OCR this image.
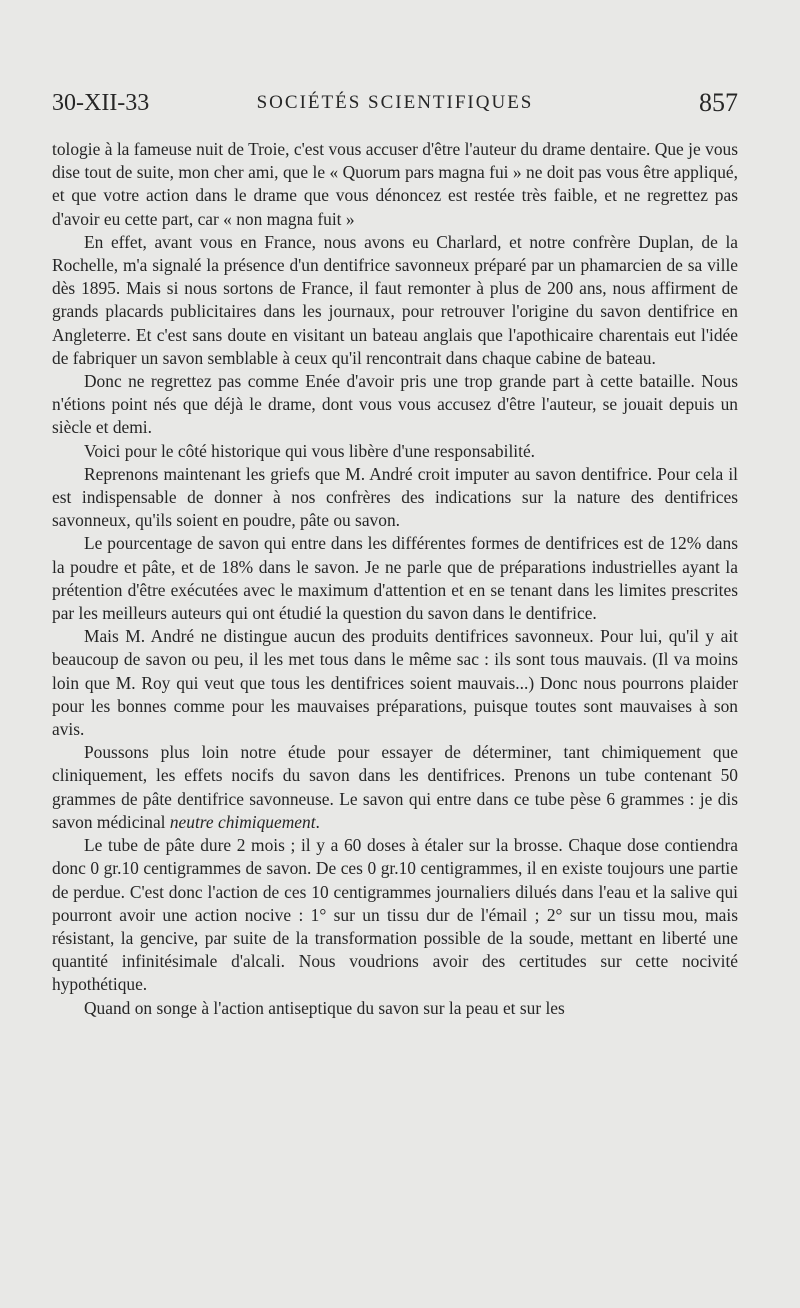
30-XII-33	SOCIÉTÉS SCIENTIFIQUES	857

tologie à la fameuse nuit de Troie, c'est vous accuser d'être l'auteur du drame dentaire. Que je vous dise tout de suite, mon cher ami, que le « Quorum pars magna fui » ne doit pas vous être appliqué, et que votre action dans le drame que vous dénoncez est restée très faible, et ne regrettez pas d'avoir eu cette part, car « non magna fuit »

En effet, avant vous en France, nous avons eu Charlard, et notre confrère Duplan, de la Rochelle, m'a signalé la présence d'un dentifrice savonneux préparé par un phamarcien de sa ville dès 1895. Mais si nous sortons de France, il faut remonter à plus de 200 ans, nous affirment de grands placards publicitaires dans les journaux, pour retrouver l'origine du savon dentifrice en Angleterre. Et c'est sans doute en visitant un bateau anglais que l'apothicaire charentais eut l'idée de fabriquer un savon semblable à ceux qu'il rencontrait dans chaque cabine de bateau.

Donc ne regrettez pas comme Enée d'avoir pris une trop grande part à cette bataille. Nous n'étions point nés que déjà le drame, dont vous vous accusez d'être l'auteur, se jouait depuis un siècle et demi.

Voici pour le côté historique qui vous libère d'une responsabilité.

Reprenons maintenant les griefs que M. André croit imputer au savon dentifrice. Pour cela il est indispensable de donner à nos confrères des indications sur la nature des dentifrices savonneux, qu'ils soient en poudre, pâte ou savon.

Le pourcentage de savon qui entre dans les différentes formes de dentifrices est de 12% dans la poudre et pâte, et de 18% dans le savon. Je ne parle que de préparations industrielles ayant la prétention d'être exécutées avec le maximum d'attention et en se tenant dans les limites prescrites par les meilleurs auteurs qui ont étudié la question du savon dans le dentifrice.

Mais M. André ne distingue aucun des produits dentifrices savonneux. Pour lui, qu'il y ait beaucoup de savon ou peu, il les met tous dans le même sac : ils sont tous mauvais. (Il va moins loin que M. Roy qui veut que tous les dentifrices soient mauvais...) Donc nous pourrons plaider pour les bonnes comme pour les mauvaises préparations, puisque toutes sont mauvaises à son avis.

Poussons plus loin notre étude pour essayer de déterminer, tant chimiquement que cliniquement, les effets nocifs du savon dans les dentifrices. Prenons un tube contenant 50 grammes de pâte dentifrice savonneuse. Le savon qui entre dans ce tube pèse 6 grammes : je dis savon médicinal neutre chimiquement.

Le tube de pâte dure 2 mois ; il y a 60 doses à étaler sur la brosse. Chaque dose contiendra donc 0 gr.10 centigrammes de savon. De ces 0 gr.10 centigrammes, il en existe toujours une partie de perdue. C'est donc l'action de ces 10 centigrammes journaliers dilués dans l'eau et la salive qui pourront avoir une action nocive : 1° sur un tissu dur de l'émail ; 2° sur un tissu mou, mais résistant, la gencive, par suite de la transformation possible de la soude, mettant en liberté une quantité infinitésimale d'alcali. Nous voudrions avoir des certitudes sur cette nocivité hypothétique.

Quand on songe à l'action antiseptique du savon sur la peau et sur les
